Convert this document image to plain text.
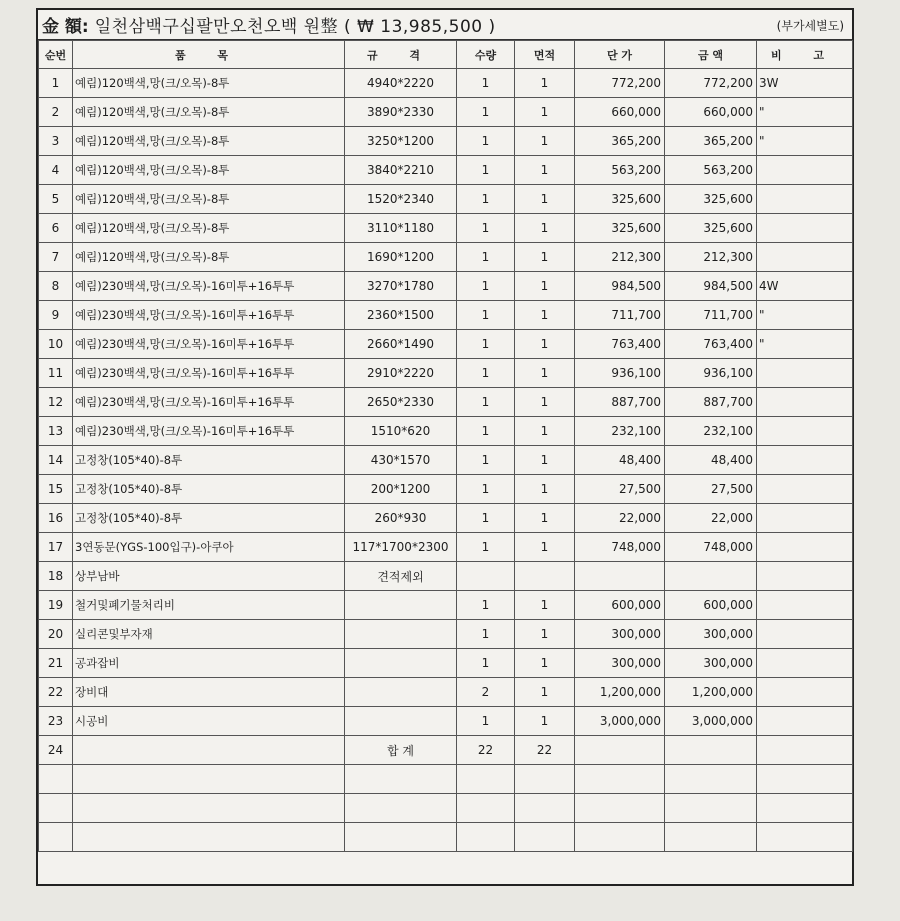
金 額: 일천삼백구십팔만오천오백 원整 ( ₩ 13,985,500 )	(부가세별도)
순번	품 목	규 격	수량	면적	단 가	금 액	비 고
1	예림)120백색,망(크/오목)-8투	4940*2220	1	1	772,200	772,200	3W
2	예림)120백색,망(크/오목)-8투	3890*2330	1	1	660,000	660,000	"
3	예림)120백색,망(크/오목)-8투	3250*1200	1	1	365,200	365,200	"
4	예림)120백색,망(크/오목)-8투	3840*2210	1	1	563,200	563,200	
5	예림)120백색,망(크/오목)-8투	1520*2340	1	1	325,600	325,600	
6	예림)120백색,망(크/오목)-8투	3110*1180	1	1	325,600	325,600	
7	예림)120백색,망(크/오목)-8투	1690*1200	1	1	212,300	212,300	
8	예림)230백색,망(크/오목)-16미투+16투투	3270*1780	1	1	984,500	984,500	4W
9	예림)230백색,망(크/오목)-16미투+16투투	2360*1500	1	1	711,700	711,700	"
10	예림)230백색,망(크/오목)-16미투+16투투	2660*1490	1	1	763,400	763,400	"
11	예림)230백색,망(크/오목)-16미투+16투투	2910*2220	1	1	936,100	936,100	
12	예림)230백색,망(크/오목)-16미투+16투투	2650*2330	1	1	887,700	887,700	
13	예림)230백색,망(크/오목)-16미투+16투투	1510*620	1	1	232,100	232,100	
14	고정창(105*40)-8투	430*1570	1	1	48,400	48,400	
15	고정창(105*40)-8투	200*1200	1	1	27,500	27,500	
16	고정창(105*40)-8투	260*930	1	1	22,000	22,000	
17	3연동문(YGS-100입구)-아쿠아	117*1700*2300	1	1	748,000	748,000	
18	상부남바	견적제외					
19	철거및폐기물처리비		1	1	600,000	600,000	
20	실리콘및부자재		1	1	300,000	300,000	
21	공과잡비		1	1	300,000	300,000	
22	장비대		2	1	1,200,000	1,200,000	
23	시공비		1	1	3,000,000	3,000,000	
24		합 계	22	22			
